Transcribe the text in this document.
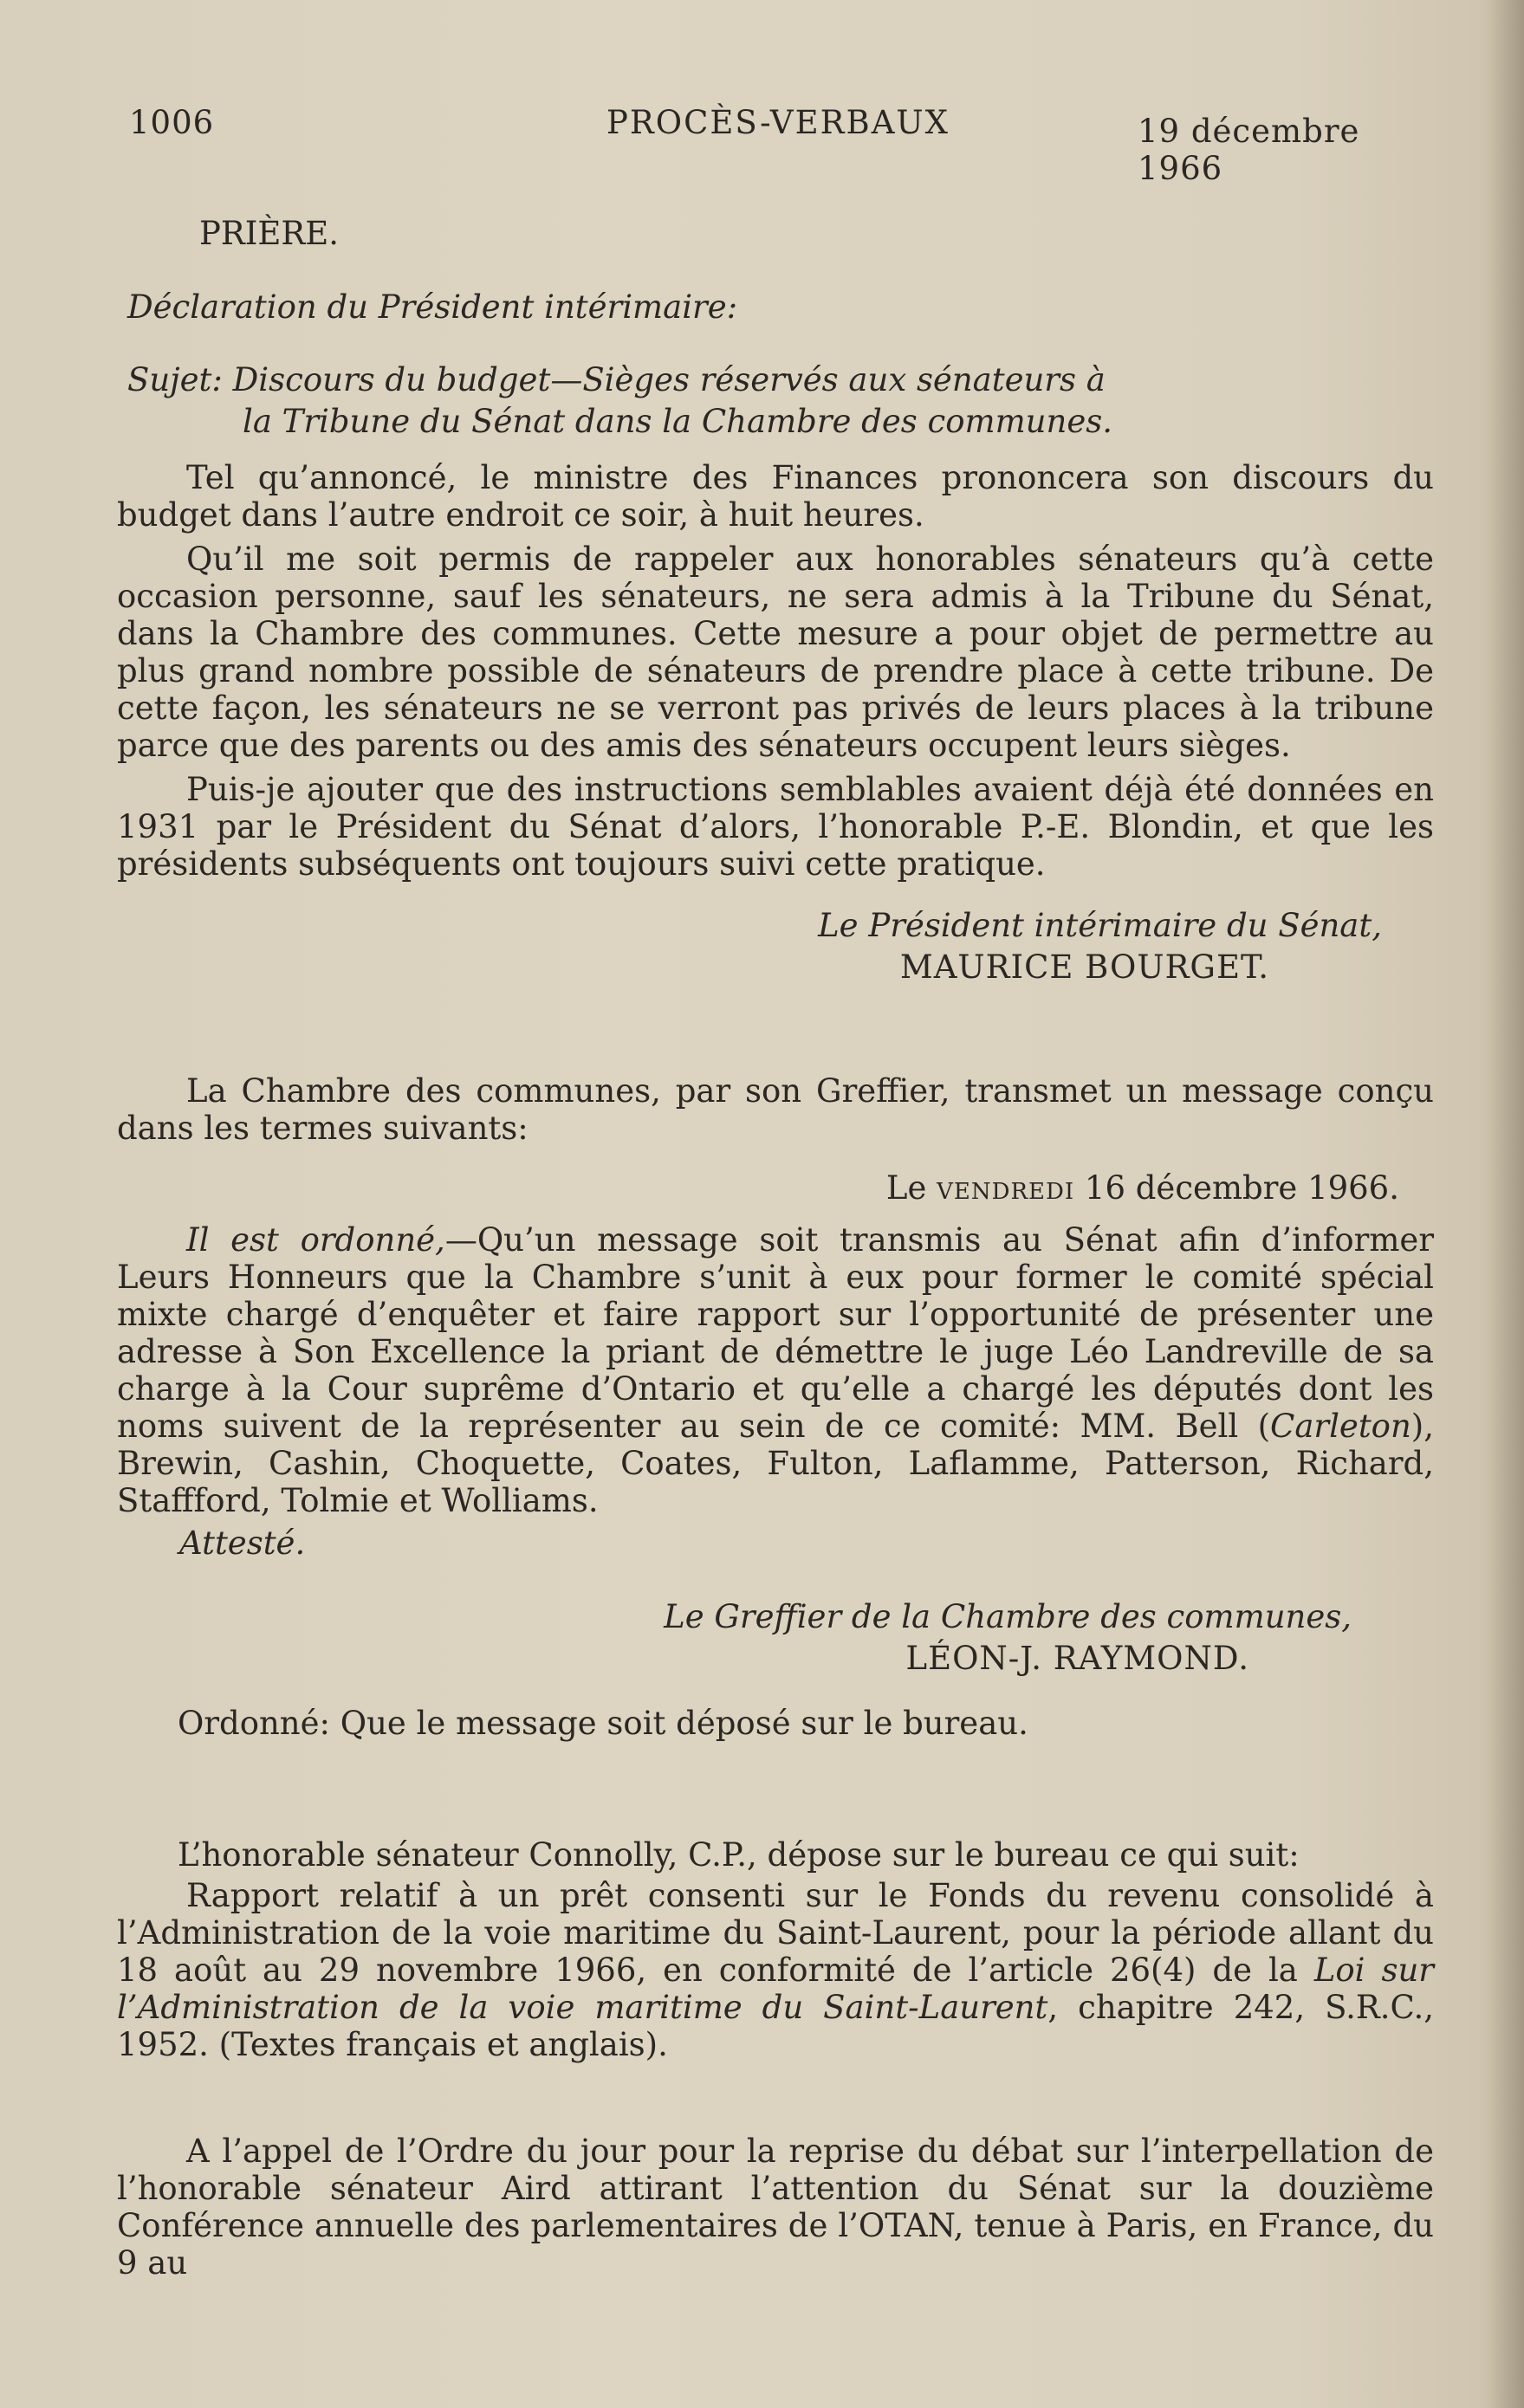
1006	PROCÈS-VERBAUX	19 décembre 1966

PRIÈRE.

Déclaration du Président intérimaire:

Sujet: Discours du budget—Sièges réservés aux sénateurs à

la Tribune du Sénat dans la Chambre des communes.

Tel qu’annoncé, le ministre des Finances prononcera son discours du budget dans l’autre endroit ce soir, à huit heures.

Qu’il me soit permis de rappeler aux honorables sénateurs qu’à cette occasion personne, sauf les sénateurs, ne sera admis à la Tribune du Sénat, dans la Chambre des communes. Cette mesure a pour objet de permettre au plus grand nombre possible de sénateurs de prendre place à cette tribune. De cette façon, les sénateurs ne se verront pas privés de leurs places à la tribune parce que des parents ou des amis des sénateurs occupent leurs sièges.

Puis-je ajouter que des instructions semblables avaient déjà été données en 1931 par le Président du Sénat d’alors, l’honorable P.-E. Blondin, et que les présidents subséquents ont toujours suivi cette pratique.

Le Président intérimaire du Sénat,
MAURICE BOURGET.

La Chambre des communes, par son Greffier, transmet un message conçu dans les termes suivants:

Le vendredi 16 décembre 1966.

Il est ordonné,—Qu’un message soit transmis au Sénat afin d’informer Leurs Honneurs que la Chambre s’unit à eux pour former le comité spécial mixte chargé d’enquêter et faire rapport sur l’opportunité de présenter une adresse à Son Excellence la priant de démettre le juge Léo Landreville de sa charge à la Cour suprême d’Ontario et qu’elle a chargé les députés dont les noms suivent de la représenter au sein de ce comité: MM. Bell (Carleton), Brewin, Cashin, Choquette, Coates, Fulton, Laflamme, Patterson, Richard, Staffford, Tolmie et Wolliams.

Attesté.

Le Greffier de la Chambre des communes,
LÉON-J. RAYMOND.

Ordonné: Que le message soit déposé sur le bureau.

L’honorable sénateur Connolly, C.P., dépose sur le bureau ce qui suit:

Rapport relatif à un prêt consenti sur le Fonds du revenu consolidé à l’Administration de la voie maritime du Saint-Laurent, pour la période allant du 18 août au 29 novembre 1966, en conformité de l’article 26(4) de la Loi sur l’Administration de la voie maritime du Saint-Laurent, chapitre 242, S.R.C., 1952. (Textes français et anglais).

A l’appel de l’Ordre du jour pour la reprise du débat sur l’interpellation de l’honorable sénateur Aird attirant l’attention du Sénat sur la douzième Conférence annuelle des parlementaires de l’OTAN, tenue à Paris, en France, du 9 au
